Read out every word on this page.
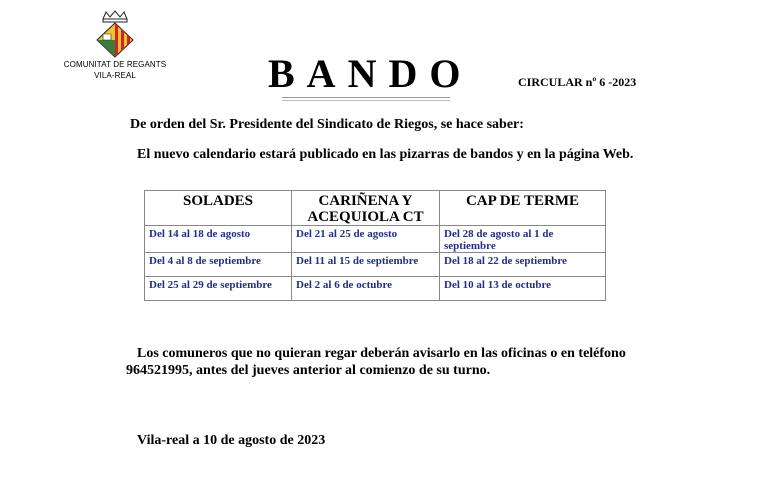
COMUNITAT DE REGANTS
VILA-REAL	BANDO	CIRCULAR nº 6 -2023
De orden del Sr. Presidente del Sindicato de Riegos, se hace saber:
El nuevo calendario estará publicado en las pizarras de bandos y en la página Web.
SOLADES	CARIÑENA Y ACEQUIOLA CT	CAP DE TERME
Del 14 al 18 de agosto	Del 21 al 25 de agosto	Del 28 de agosto al 1 de septiembre
Del 4 al 8 de septiembre	Del 11 al 15 de septiembre	Del 18 al 22 de septiembre
Del 25 al 29 de septiembre	Del 2 al 6 de octubre	Del 10 al 13 de octubre
Los comuneros que no quieran regar deberán avisarlo en las oficinas o en teléfono 964521995, antes del jueves anterior al comienzo de su turno.
Vila-real a 10 de agosto de 2023
